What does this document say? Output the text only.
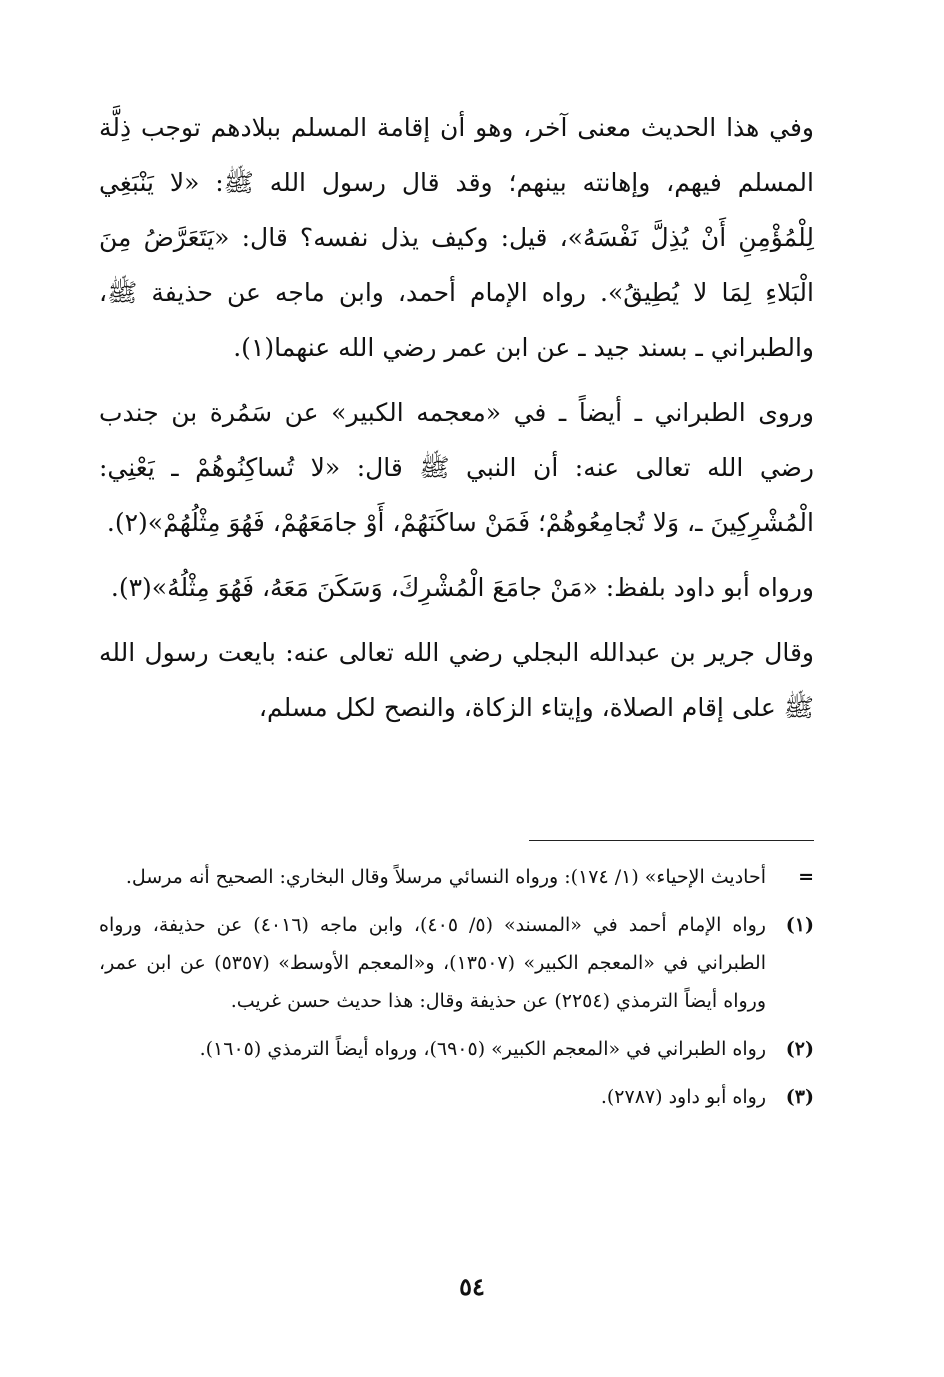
وفي هذا الحديث معنى آخر، وهو أن إقامة المسلم ببلادهم توجب ذِلَّة المسلم فيهم، وإهانته بينهم؛ وقد قال رسول الله ﷺ: «لا يَنْبَغِي لِلْمُؤْمِنِ أَنْ يُذِلَّ نَفْسَهُ»، قيل: وكيف يذل نفسه؟ قال: «يَتَعَرَّضُ مِنَ الْبَلاءِ لِمَا لا يُطِيقُ». رواه الإمام أحمد، وابن ماجه عن حذيفة ﷺ، والطبراني ـ بسند جيد ـ عن ابن عمر رضي الله عنهما(١).

وروى الطبراني ـ أيضاً ـ في «معجمه الكبير» عن سَمُرة بن جندب رضي الله تعالى عنه: أن النبي ﷺ قال: «لا تُساكِنُوهُمْ ـ يَعْنِي: الْمُشْرِكِينَ ـ، وَلا تُجامِعُوهُمْ؛ فَمَنْ ساكَنَهُمْ، أَوْ جامَعَهُمْ، فَهُوَ مِثْلُهُمْ»(٢).

ورواه أبو داود بلفظ: «مَنْ جامَعَ الْمُشْرِكَ، وَسَكَنَ مَعَهُ، فَهُوَ مِثْلُهُ»(٣).

وقال جرير بن عبدالله البجلي رضي الله تعالى عنه: بايعت رسول الله ﷺ على إقام الصلاة، وإيتاء الزكاة، والنصح لكل مسلم،

=
أحاديث الإحياء» (١/ ١٧٤): ورواه النسائي مرسلاً وقال البخاري: الصحيح أنه مرسل.
(١)
رواه الإمام أحمد في «المسند» (٥/ ٤٠٥)، وابن ماجه (٤٠١٦) عن حذيفة، ورواه الطبراني في «المعجم الكبير» (١٣٥٠٧)، و«المعجم الأوسط» (٥٣٥٧) عن ابن عمر، ورواه أيضاً الترمذي (٢٢٥٤) عن حذيفة وقال: هذا حديث حسن غريب.
(٢)
رواه الطبراني في «المعجم الكبير» (٦٩٠٥)، ورواه أيضاً الترمذي (١٦٠٥).
(٣)
رواه أبو داود (٢٧٨٧).
٥٤
